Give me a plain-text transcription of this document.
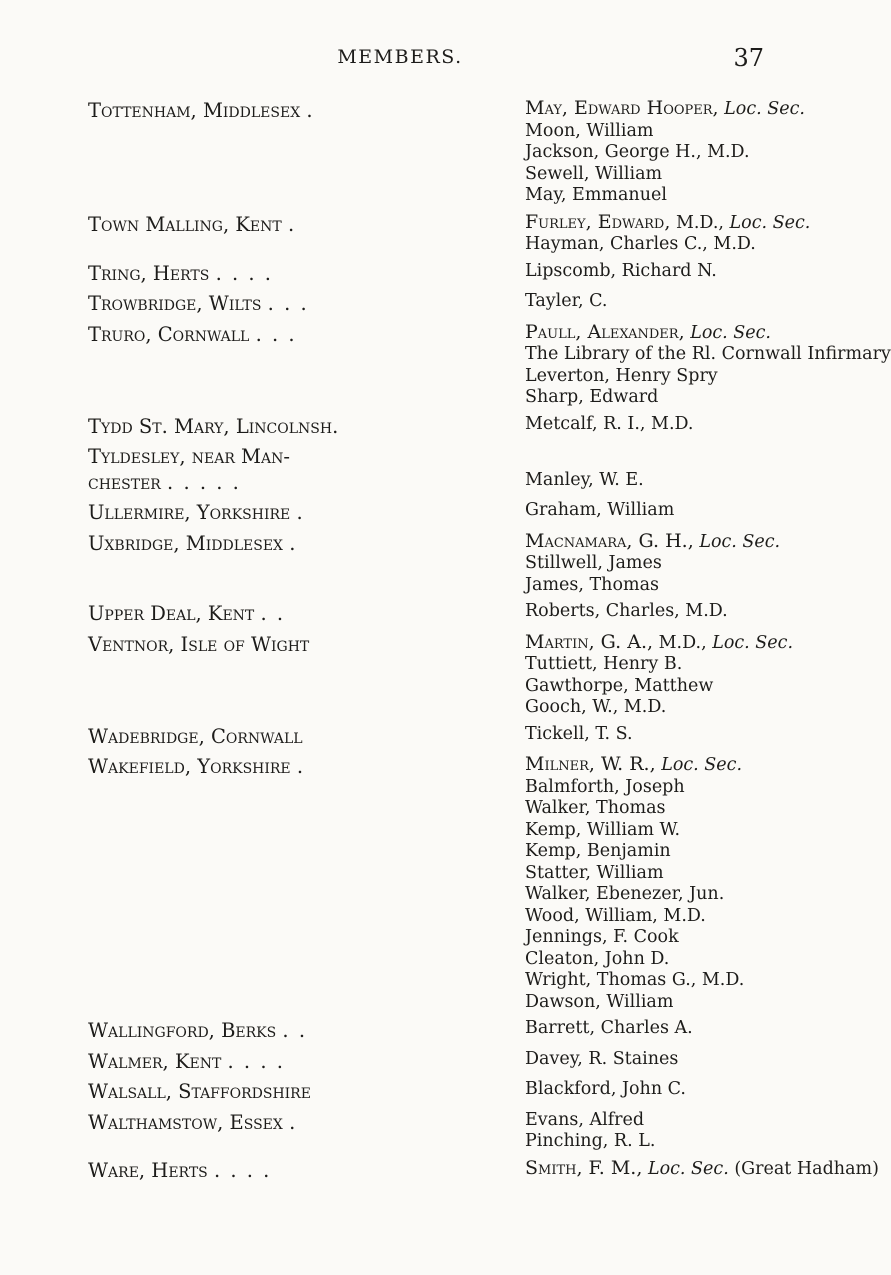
MEMBERS.	37
Tottenham, Middlesex .	May, Edward Hooper, Loc. Sec.
Moon, William
Jackson, George H., M.D.
Sewell, William
May, Emmanuel
Town Malling, Kent .	Furley, Edward, M.D., Loc. Sec.
Hayman, Charles C., M.D.
Tring, Herts . . . .	Lipscomb, Richard N.
Trowbridge, Wilts . . .	Tayler, C.
Truro, Cornwall . . .	Paull, Alexander, Loc. Sec.
The Library of the Rl. Cornwall Infirmary
Leverton, Henry Spry
Sharp, Edward
Tydd St. Mary, Lincolnsh.	Metcalf, R. I., M.D.
Tyldesley, near Man-
chester . . . . .	Manley, W. E.
Ullermire, Yorkshire .	Graham, William
Uxbridge, Middlesex .	Macnamara, G. H., Loc. Sec.
Stillwell, James
James, Thomas
Upper Deal, Kent . .	Roberts, Charles, M.D.
Ventnor, Isle of Wight	Martin, G. A., M.D., Loc. Sec.
Tuttiett, Henry B.
Gawthorpe, Matthew
Gooch, W., M.D.
Wadebridge, Cornwall	Tickell, T. S.
Wakefield, Yorkshire .	Milner, W. R., Loc. Sec.
Balmforth, Joseph
Walker, Thomas
Kemp, William W.
Kemp, Benjamin
Statter, William
Walker, Ebenezer, Jun.
Wood, William, M.D.
Jennings, F. Cook
Cleaton, John D.
Wright, Thomas G., M.D.
Dawson, William
Wallingford, Berks . .	Barrett, Charles A.
Walmer, Kent . . . .	Davey, R. Staines
Walsall, Staffordshire	Blackford, John C.
Walthamstow, Essex .	Evans, Alfred
Pinching, R. L.
Ware, Herts . . . .	Smith, F. M., Loc. Sec. (Great Hadham)
